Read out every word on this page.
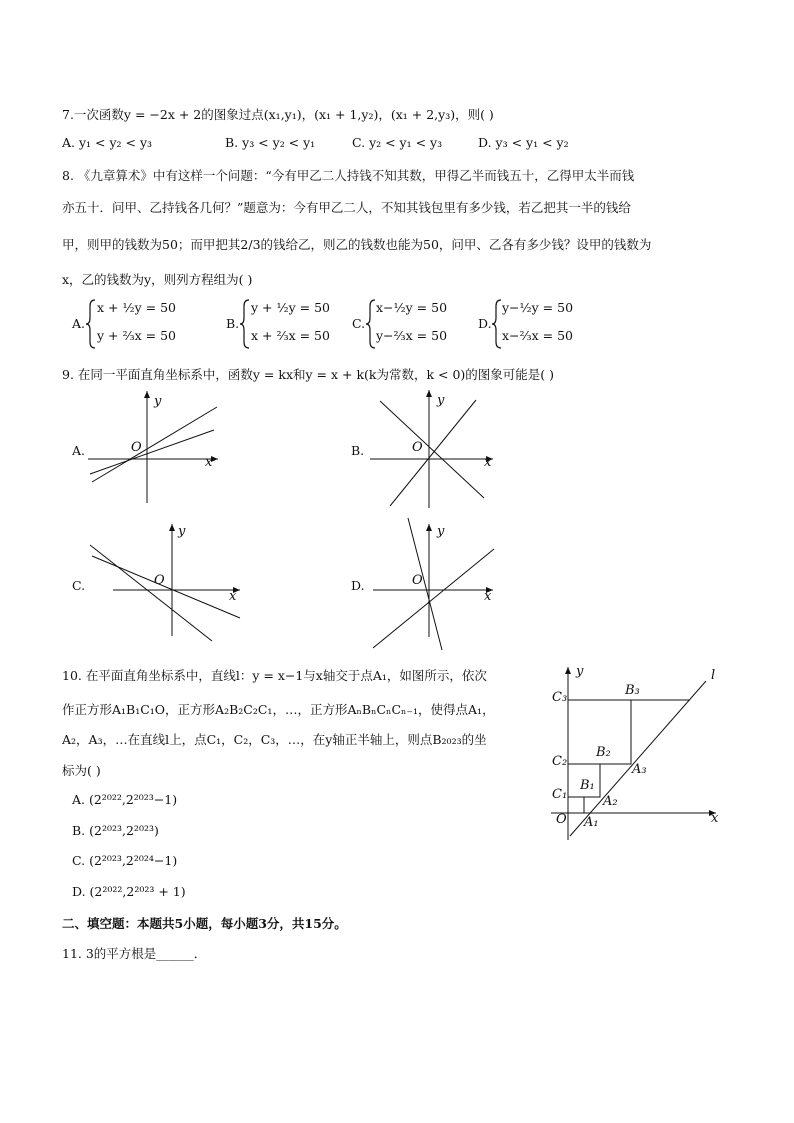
7.一次函数y = −2x + 2的图象过点(x₁,y₁)，(x₁ + 1,y₂)，(x₁ + 2,y₃)，则( )
A. y₁ < y₂ < y₃	B. y₃ < y₂ < y₁	C. y₂ < y₁ < y₃	D. y₃ < y₁ < y₂
8. 《九章算术》中有这样一个问题：“今有甲乙二人持钱不知其数，甲得乙半而钱五十，乙得甲太半而钱
亦五十．问甲、乙持钱各几何？”题意为：今有甲乙二人，不知其钱包里有多少钱，若乙把其一半的钱给
甲，则甲的钱数为50；而甲把其2/3的钱给乙，则乙的钱数也能为50，问甲、乙各有多少钱？设甲的钱数为
x，乙的钱数为y，则列方程组为( )
A.
x + ½y = 50
y + ⅔x = 50
B.
y + ½y = 50
x + ⅔x = 50
C.
x−½y = 50
y−⅔x = 50
D.
y−½y = 50
x−⅔x = 50
9. 在同一平面直角坐标系中，函数y = kx和y = x + k(k为常数，k < 0)的图象可能是( )
A.
y
O
x
B.
y
O
x
C.
y
O
x
D.
y
O
x
10. 在平面直角坐标系中，直线l：y = x−1与x轴交于点A₁，如图所示，依次
作正方形A₁B₁C₁O，正方形A₂B₂C₂C₁，…，正方形AₙBₙCₙCₙ₋₁，使得点A₁，
A₂，A₃，…在直线l上，点C₁，C₂，C₃，…，在y轴正半轴上，则点B₂₀₂₃的坐
标为( )
A. (2²⁰²²,2²⁰²³−1)
B. (2²⁰²³,2²⁰²³)
C. (2²⁰²³,2²⁰²⁴−1)
D. (2²⁰²²,2²⁰²³ + 1)
y	l
x
O
C₃
C₂
C₁
B₃
B₂
B₁
A₃
A₂
A₁
二、填空题：本题共5小题，每小题3分，共15分。
11. 3的平方根是______．
